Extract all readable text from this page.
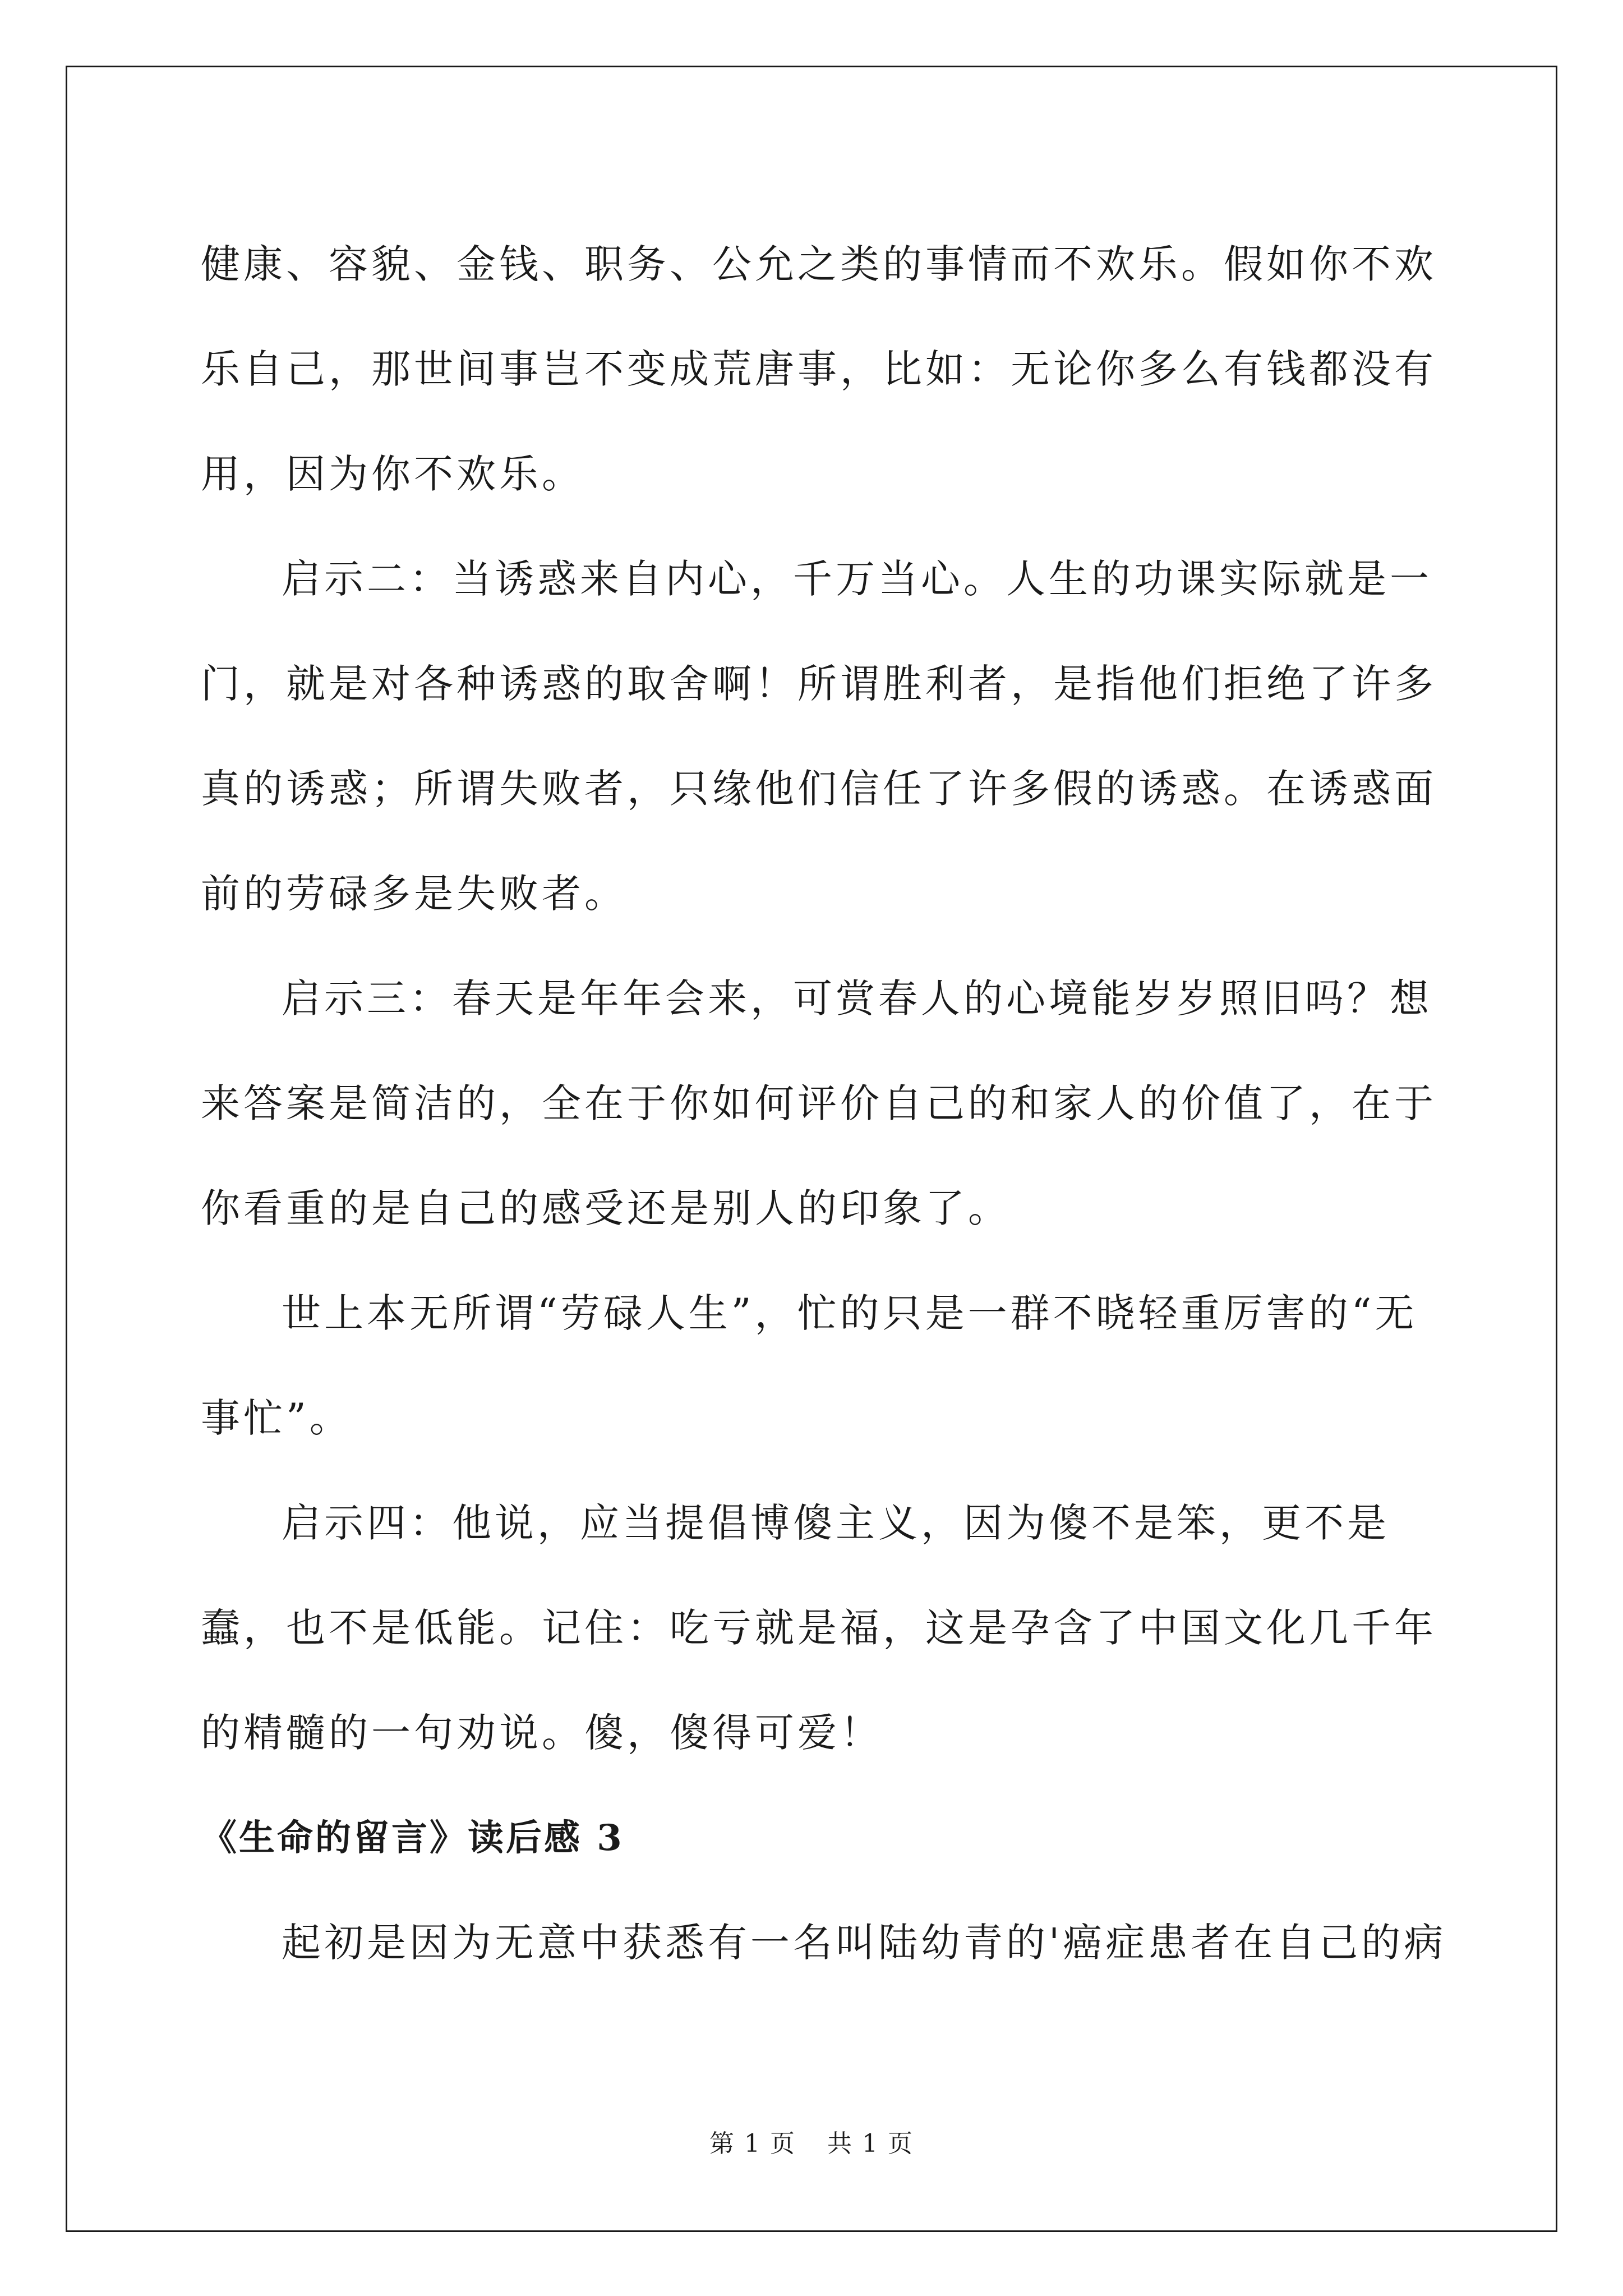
健康、容貌、金钱、职务、公允之类的事情而不欢乐。假如你不欢乐自己，那世间事岂不变成荒唐事，比如：无论你多么有钱都没有用，因为你不欢乐。

启示二：当诱惑来自内心，千万当心。人生的功课实际就是一门，就是对各种诱惑的取舍啊！所谓胜利者，是指他们拒绝了许多真的诱惑；所谓失败者，只缘他们信任了许多假的诱惑。在诱惑面前的劳碌多是失败者。

启示三：春天是年年会来，可赏春人的心境能岁岁照旧吗？想来答案是简洁的，全在于你如何评价自己的和家人的价值了，在于你看重的是自己的感受还是别人的印象了。

世上本无所谓“劳碌人生”，忙的只是一群不晓轻重厉害的“无事忙”。

启示四：他说，应当提倡博傻主义，因为傻不是笨，更不是蠢，也不是低能。记住：吃亏就是福，这是孕含了中国文化几千年的精髓的一句劝说。傻，傻得可爱！

《生命的留言》读后感 3

起初是因为无意中获悉有一名叫陆幼青的'癌症患者在自己的病

第 1 页 共 1 页
